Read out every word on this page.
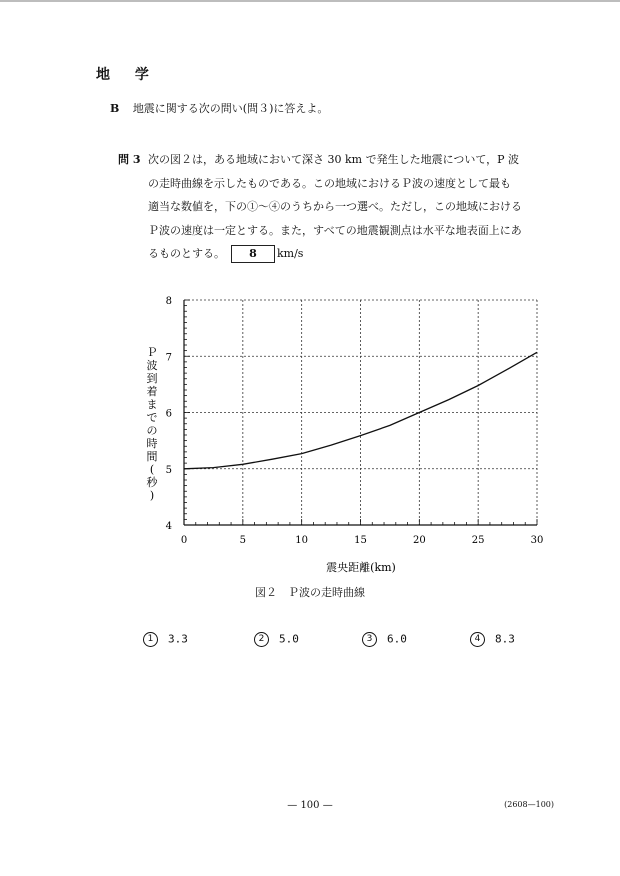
地 学
B 地震に関する次の問い(問３)に答えよ。
問 3 次の図２は，ある地域において深さ 30 km で発生した地震について，P 波
の走時曲線を示したものである。この地域におけるＰ波の速度として最も
適当な数値を，下の①～④のうちから一つ選べ。ただし，この地域における
Ｐ波の速度は一定とする。また，すべての地震観測点は水平な地表面上にあ
るものとする。 8 km/s
0	5	10	15	20	25	30
4
5
6
7
8
震央距離(km)
Ｐ波到着までの時間(秒)
図２　Ｐ波の走時曲線
1 3.3	2 5.0	3 6.0	4 8.3
— 100 —	(2608—100)
